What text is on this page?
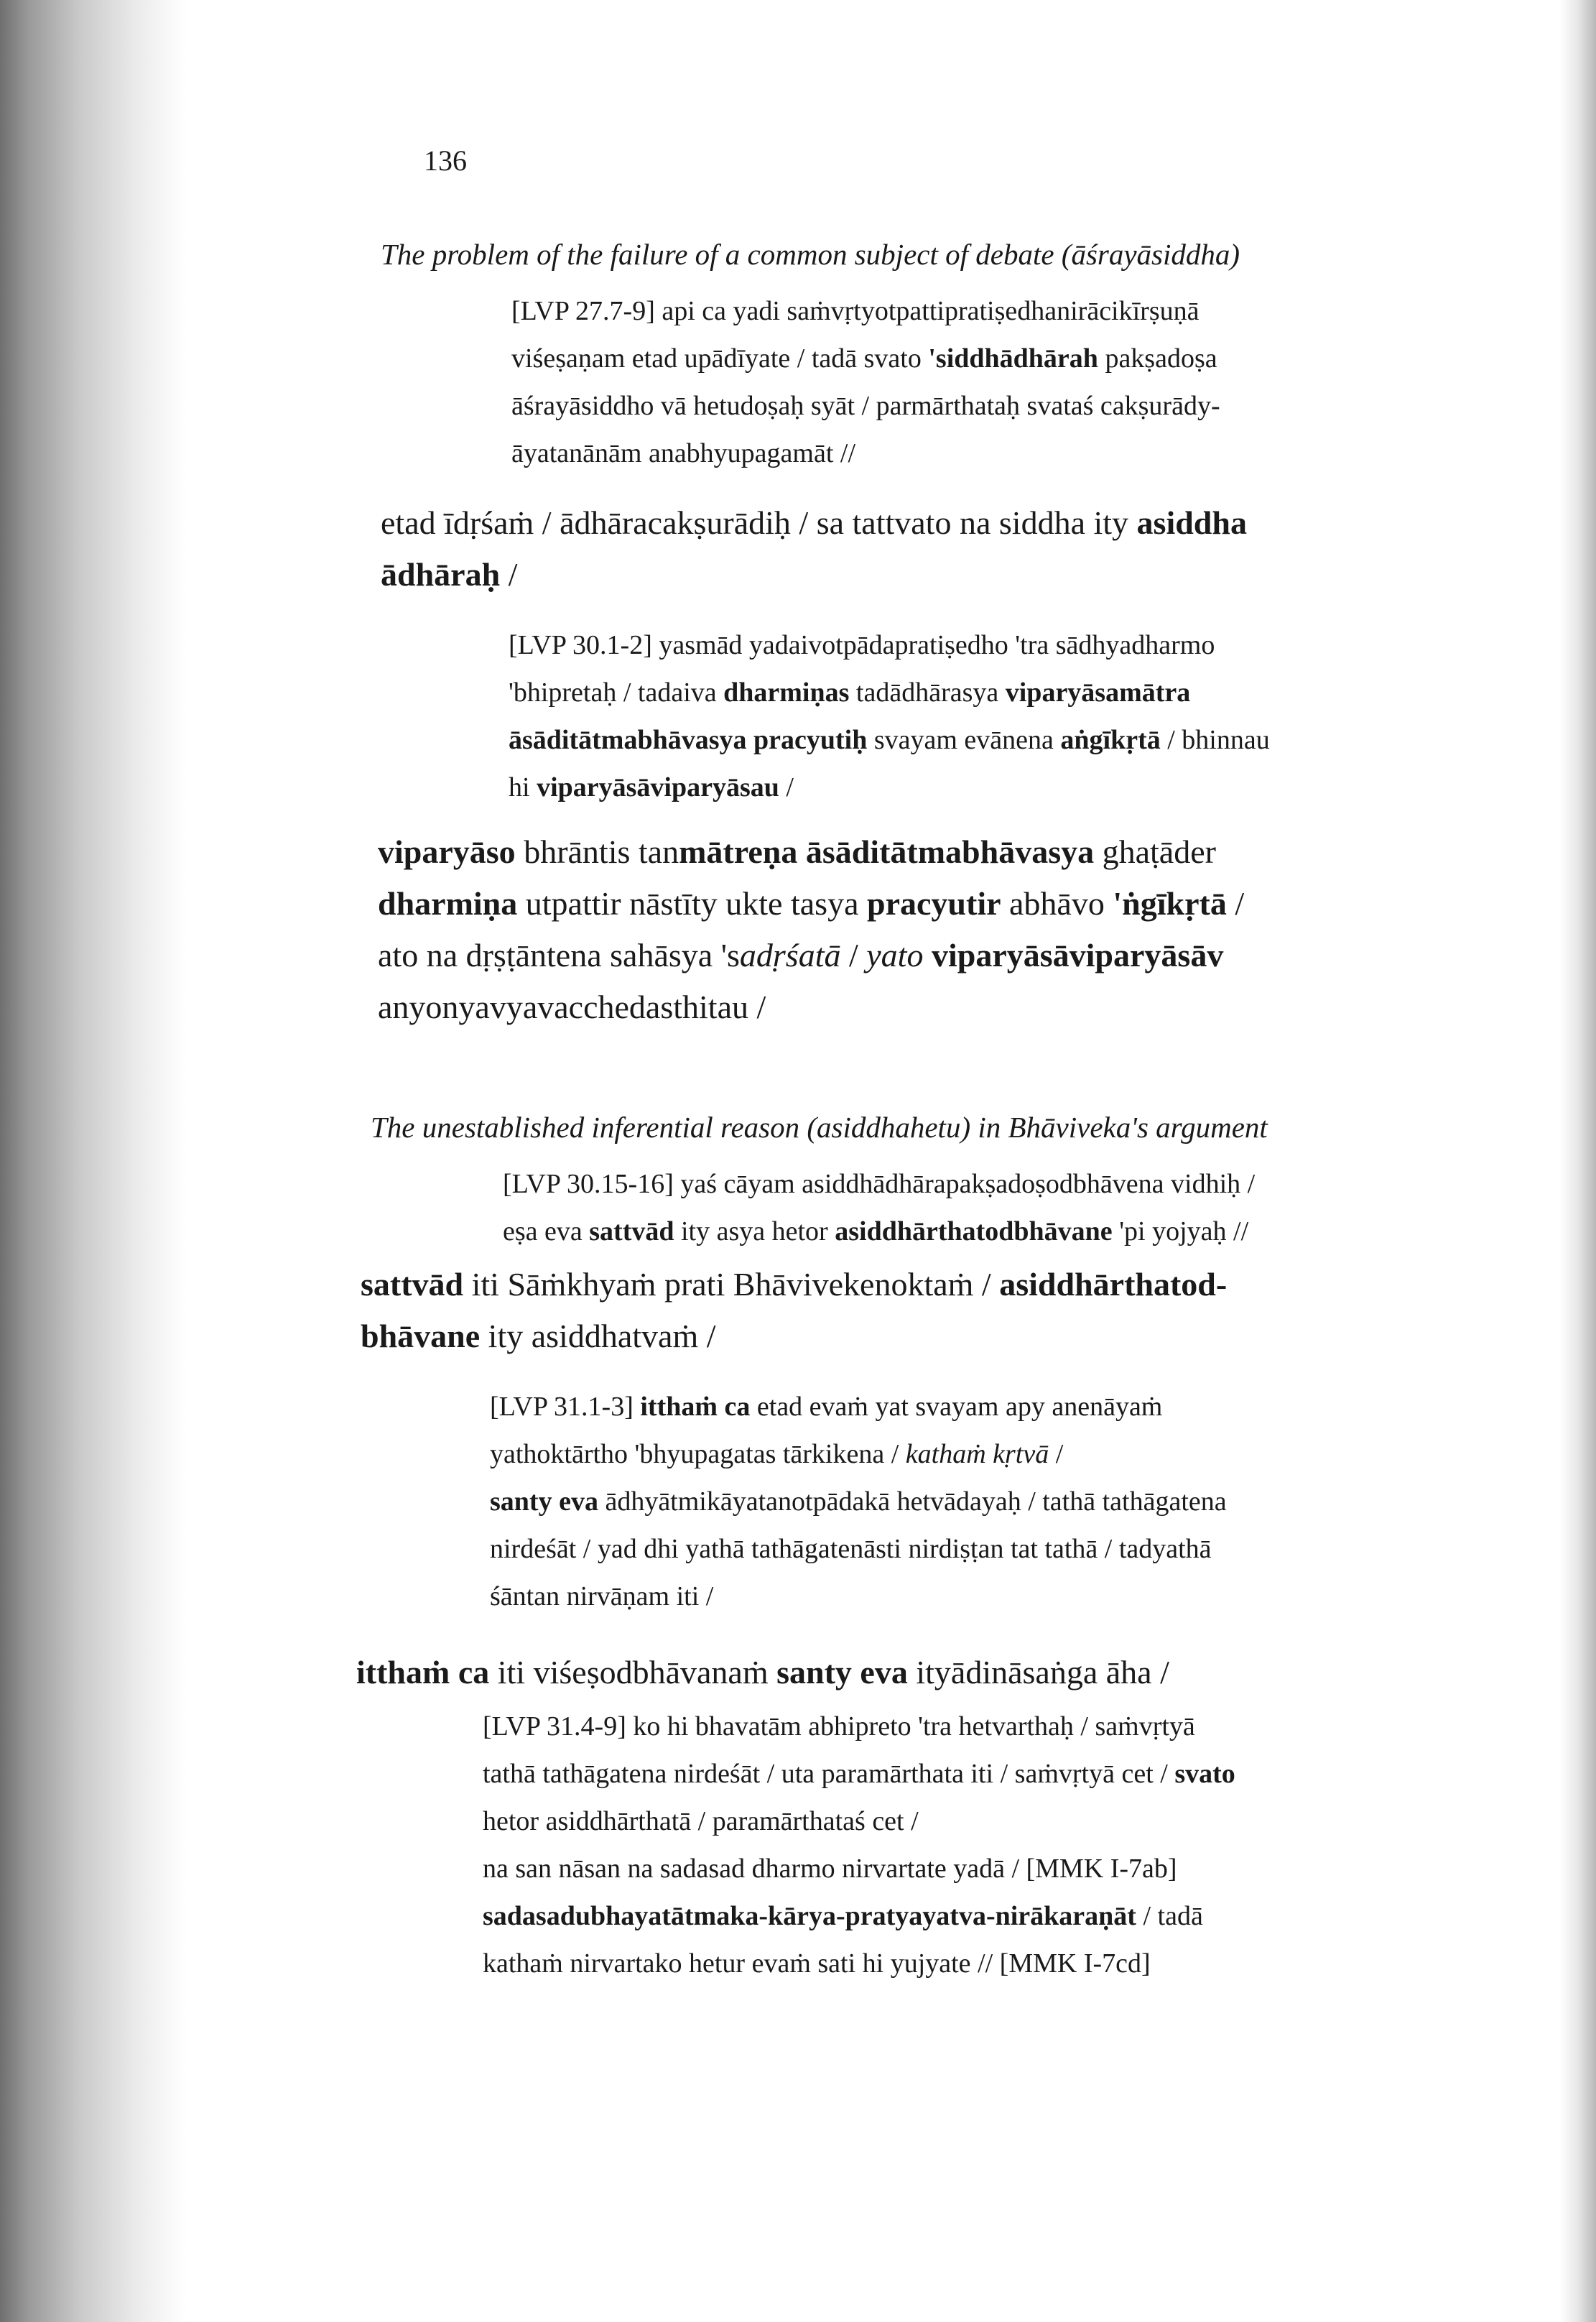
136
The problem of the failure of a common subject of debate (āśrayāsiddha)
[LVP 27.7-9] api ca yadi saṁvṛtyotpattipratiṣedhanirācikīrṣuṇā
viśeṣaṇam etad upādīyate / tadā svato 'siddhādhārah pakṣadoṣa
āśrayāsiddho vā hetudoṣaḥ syāt / parmārthataḥ svataś cakṣurādy-
āyatanānām anabhyupagamāt //
etad īdṛśaṁ / ādhāracakṣurādiḥ / sa tattvato na siddha ity asiddha
ādhāraḥ /
[LVP 30.1-2] yasmād yadaivotpādapratiṣedho 'tra sādhyadharmo
'bhipretaḥ / tadaiva dharmiṇas tadādhārasya viparyāsamātra
āsāditātmabhāvasya pracyutiḥ svayam evānena aṅgīkṛtā / bhinnau
hi viparyāsāviparyāsau /
viparyāso bhrāntis tanmātreṇa āsāditātmabhāvasya ghaṭāder
dharmiṇa utpattir nāstīty ukte tasya pracyutir abhāvo 'ṅgīkṛtā /
ato na dṛṣṭāntena sahāsya 'sadṛśatā / yato viparyāsāviparyāsāv
anyonyavyavacchedasthitau /
The unestablished inferential reason (asiddhahetu) in Bhāviveka's argument
[LVP 30.15-16] yaś cāyam asiddhādhārapakṣadoṣodbhāvena vidhiḥ /
eṣa eva sattvād ity asya hetor asiddhārthatodbhāvane 'pi yojyaḥ //
sattvād iti Sāṁkhyaṁ prati Bhāvivekenoktaṁ / asiddhārthatod-
bhāvane ity asiddhatvaṁ /
[LVP 31.1-3] itthaṁ ca etad evaṁ yat svayam apy anenāyaṁ
yathoktārtho 'bhyupagatas tārkikena / kathaṁ kṛtvā /
santy eva ādhyātmikāyatanotpādakā hetvādayaḥ / tathā tathāgatena
nirdeśāt / yad dhi yathā tathāgatenāsti nirdiṣṭan tat tathā / tadyathā
śāntan nirvāṇam iti /
itthaṁ ca iti viśeṣodbhāvanaṁ santy eva ityādināsaṅga āha /
[LVP 31.4-9] ko hi bhavatām abhipreto 'tra hetvarthaḥ / saṁvṛtyā
tathā tathāgatena nirdeśāt / uta paramārthata iti / saṁvṛtyā cet / svato
hetor asiddhārthatā / paramārthataś cet /
na san nāsan na sadasad dharmo nirvartate yadā / [MMK I-7ab]
sadasadubhayatātmaka-kārya-pratyayatva-nirākaraṇāt / tadā
kathaṁ nirvartako hetur evaṁ sati hi yujyate // [MMK I-7cd]
